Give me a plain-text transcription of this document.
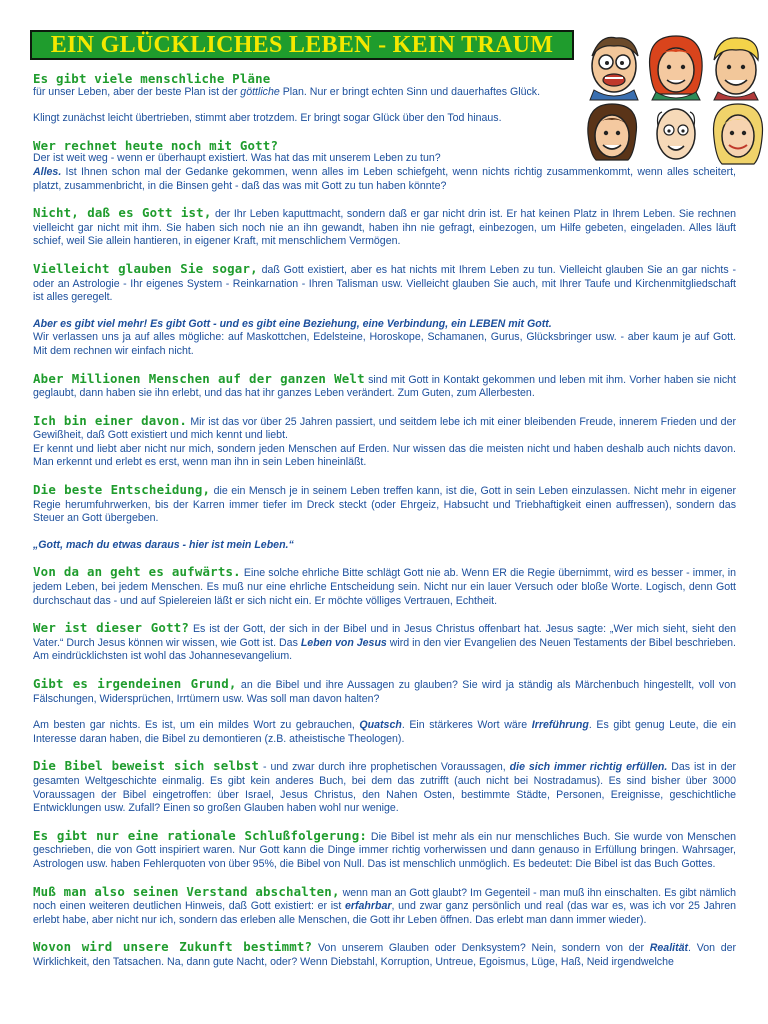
EIN GLÜCKLICHES LEBEN - KEIN TRAUM

Es gibt viele menschliche Pläne
für unser Leben, aber der beste Plan ist der göttliche Plan. Nur er bringt echten Sinn und dauerhaftes Glück.

Klingt zunächst leicht übertrieben, stimmt aber trotzdem. Er bringt sogar Glück über den Tod hinaus.

Wer rechnet heute noch mit Gott?
Der ist weit weg - wenn er überhaupt existiert. Was hat das mit unserem Leben zu tun?
Alles. Ist Ihnen schon mal der Gedanke gekommen, wenn alles im Leben schiefgeht, wenn nichts richtig zusammenkommt, wenn alles scheitert, platzt, zusammenbricht, in die Binsen geht - daß das was mit Gott zu tun haben könnte?

Nicht, daß es Gott ist, der Ihr Leben kaputtmacht, sondern daß er gar nicht drin ist. Er hat keinen Platz in Ihrem Leben. Sie rechnen vielleicht gar nicht mit ihm. Sie haben sich noch nie an ihn gewandt, haben ihn nie gefragt, einbezogen, um Hilfe gebeten, eingeladen. Alles läuft schief, weil Sie allein hantieren, in eigener Kraft, mit menschlichem Vermögen.

Vielleicht glauben Sie sogar, daß Gott existiert, aber es hat nichts mit Ihrem Leben zu tun. Vielleicht glauben Sie an gar nichts - oder an Astrologie - Ihr eigenes System - Reinkarnation - Ihren Talisman usw. Vielleicht glauben Sie auch, mit Ihrer Taufe und Kirchenmitgliedschaft ist alles geregelt.

Aber es gibt viel mehr! Es gibt Gott - und es gibt eine Beziehung, eine Verbindung, ein LEBEN mit Gott.
Wir verlassen uns ja auf alles mögliche: auf Maskottchen, Edelsteine, Horoskope, Schamanen, Gurus, Glücksbringer usw. - aber kaum je auf Gott. Mit dem rechnen wir einfach nicht.

Aber Millionen Menschen auf der ganzen Welt sind mit Gott in Kontakt gekommen und leben mit ihm. Vorher haben sie nicht geglaubt, dann haben sie ihn erlebt, und das hat ihr ganzes Leben verändert. Zum Guten, zum Allerbesten.

Ich bin einer davon. Mir ist das vor über 25 Jahren passiert, und seitdem lebe ich mit einer bleibenden Freude, innerem Frieden und der Gewißheit, daß Gott existiert und mich kennt und liebt.
Er kennt und liebt aber nicht nur mich, sondern jeden Menschen auf Erden. Nur wissen das die meisten nicht und haben deshalb auch nichts davon. Man erkennt und erlebt es erst, wenn man ihn in sein Leben hineinläßt.

Die beste Entscheidung, die ein Mensch je in seinem Leben treffen kann, ist die, Gott in sein Leben einzulassen. Nicht mehr in eigener Regie herumfuhrwerken, bis der Karren immer tiefer im Dreck steckt (oder Ehrgeiz, Habsucht und Triebhaftigkeit einen auffressen), sondern das Steuer an Gott übergeben.

„Gott, mach du etwas daraus - hier ist mein Leben.“

Von da an geht es aufwärts. Eine solche ehrliche Bitte schlägt Gott nie ab. Wenn ER die Regie übernimmt, wird es besser - immer, in jedem Leben, bei jedem Menschen. Es muß nur eine ehrliche Entscheidung sein. Nicht nur ein lauer Versuch oder bloße Worte. Logisch, denn Gott durchschaut das - und auf Spielereien läßt er sich nicht ein. Er möchte völliges Vertrauen, Echtheit.

Wer ist dieser Gott? Es ist der Gott, der sich in der Bibel und in Jesus Christus offenbart hat. Jesus sagte: „Wer mich sieht, sieht den Vater.“ Durch Jesus können wir wissen, wie Gott ist. Das Leben von Jesus wird in den vier Evangelien des Neuen Testaments der Bibel beschrieben. Am eindrücklichsten ist wohl das Johannesevangelium.

Gibt es irgendeinen Grund, an die Bibel und ihre Aussagen zu glauben? Sie wird ja ständig als Märchenbuch hingestellt, voll von Fälschungen, Widersprüchen, Irrtümern usw. Was soll man davon halten?

Am besten gar nichts. Es ist, um ein mildes Wort zu gebrauchen, Quatsch. Ein stärkeres Wort wäre Irreführung. Es gibt genug Leute, die ein Interesse daran haben, die Bibel zu demontieren (z.B. atheistische Theologen).

Die Bibel beweist sich selbst - und zwar durch ihre prophetischen Voraussagen, die sich immer richtig erfüllen. Das ist in der gesamten Weltgeschichte einmalig. Es gibt kein anderes Buch, bei dem das zutrifft (auch nicht bei Nostradamus). Es sind bisher über 3000 Voraussagen der Bibel eingetroffen: über Israel, Jesus Christus, den Nahen Osten, bestimmte Städte, Personen, Ereignisse, geschichtliche Entwicklungen usw. Zufall? Einen so großen Glauben haben wohl nur wenige.

Es gibt nur eine rationale Schlußfolgerung: Die Bibel ist mehr als ein nur menschliches Buch. Sie wurde von Menschen geschrieben, die von Gott inspiriert waren. Nur Gott kann die Dinge immer richtig vorherwissen und dann genauso in Erfüllung bringen. Wahrsager, Astrologen usw. haben Fehlerquoten von über 95%, die Bibel von Null. Das ist menschlich unmöglich. Es bedeutet: Die Bibel ist das Buch Gottes.

Muß man also seinen Verstand abschalten, wenn man an Gott glaubt? Im Gegenteil - man muß ihn einschalten. Es gibt nämlich noch einen weiteren deutlichen Hinweis, daß Gott existiert: er ist erfahrbar, und zwar ganz persönlich und real (das war es, was ich vor 25 Jahren erlebt habe, aber nicht nur ich, sondern das erleben alle Menschen, die Gott ihr Leben öffnen. Das erlebt man dann immer wieder).

Wovon wird unsere Zukunft bestimmt? Von unserem Glauben oder Denksystem? Nein, sondern von der Realität. Von der Wirklichkeit, den Tatsachen. Na, dann gute Nacht, oder? Wenn Diebstahl, Korruption, Untreue, Egoismus, Lüge, Haß, Neid irgendwelche
